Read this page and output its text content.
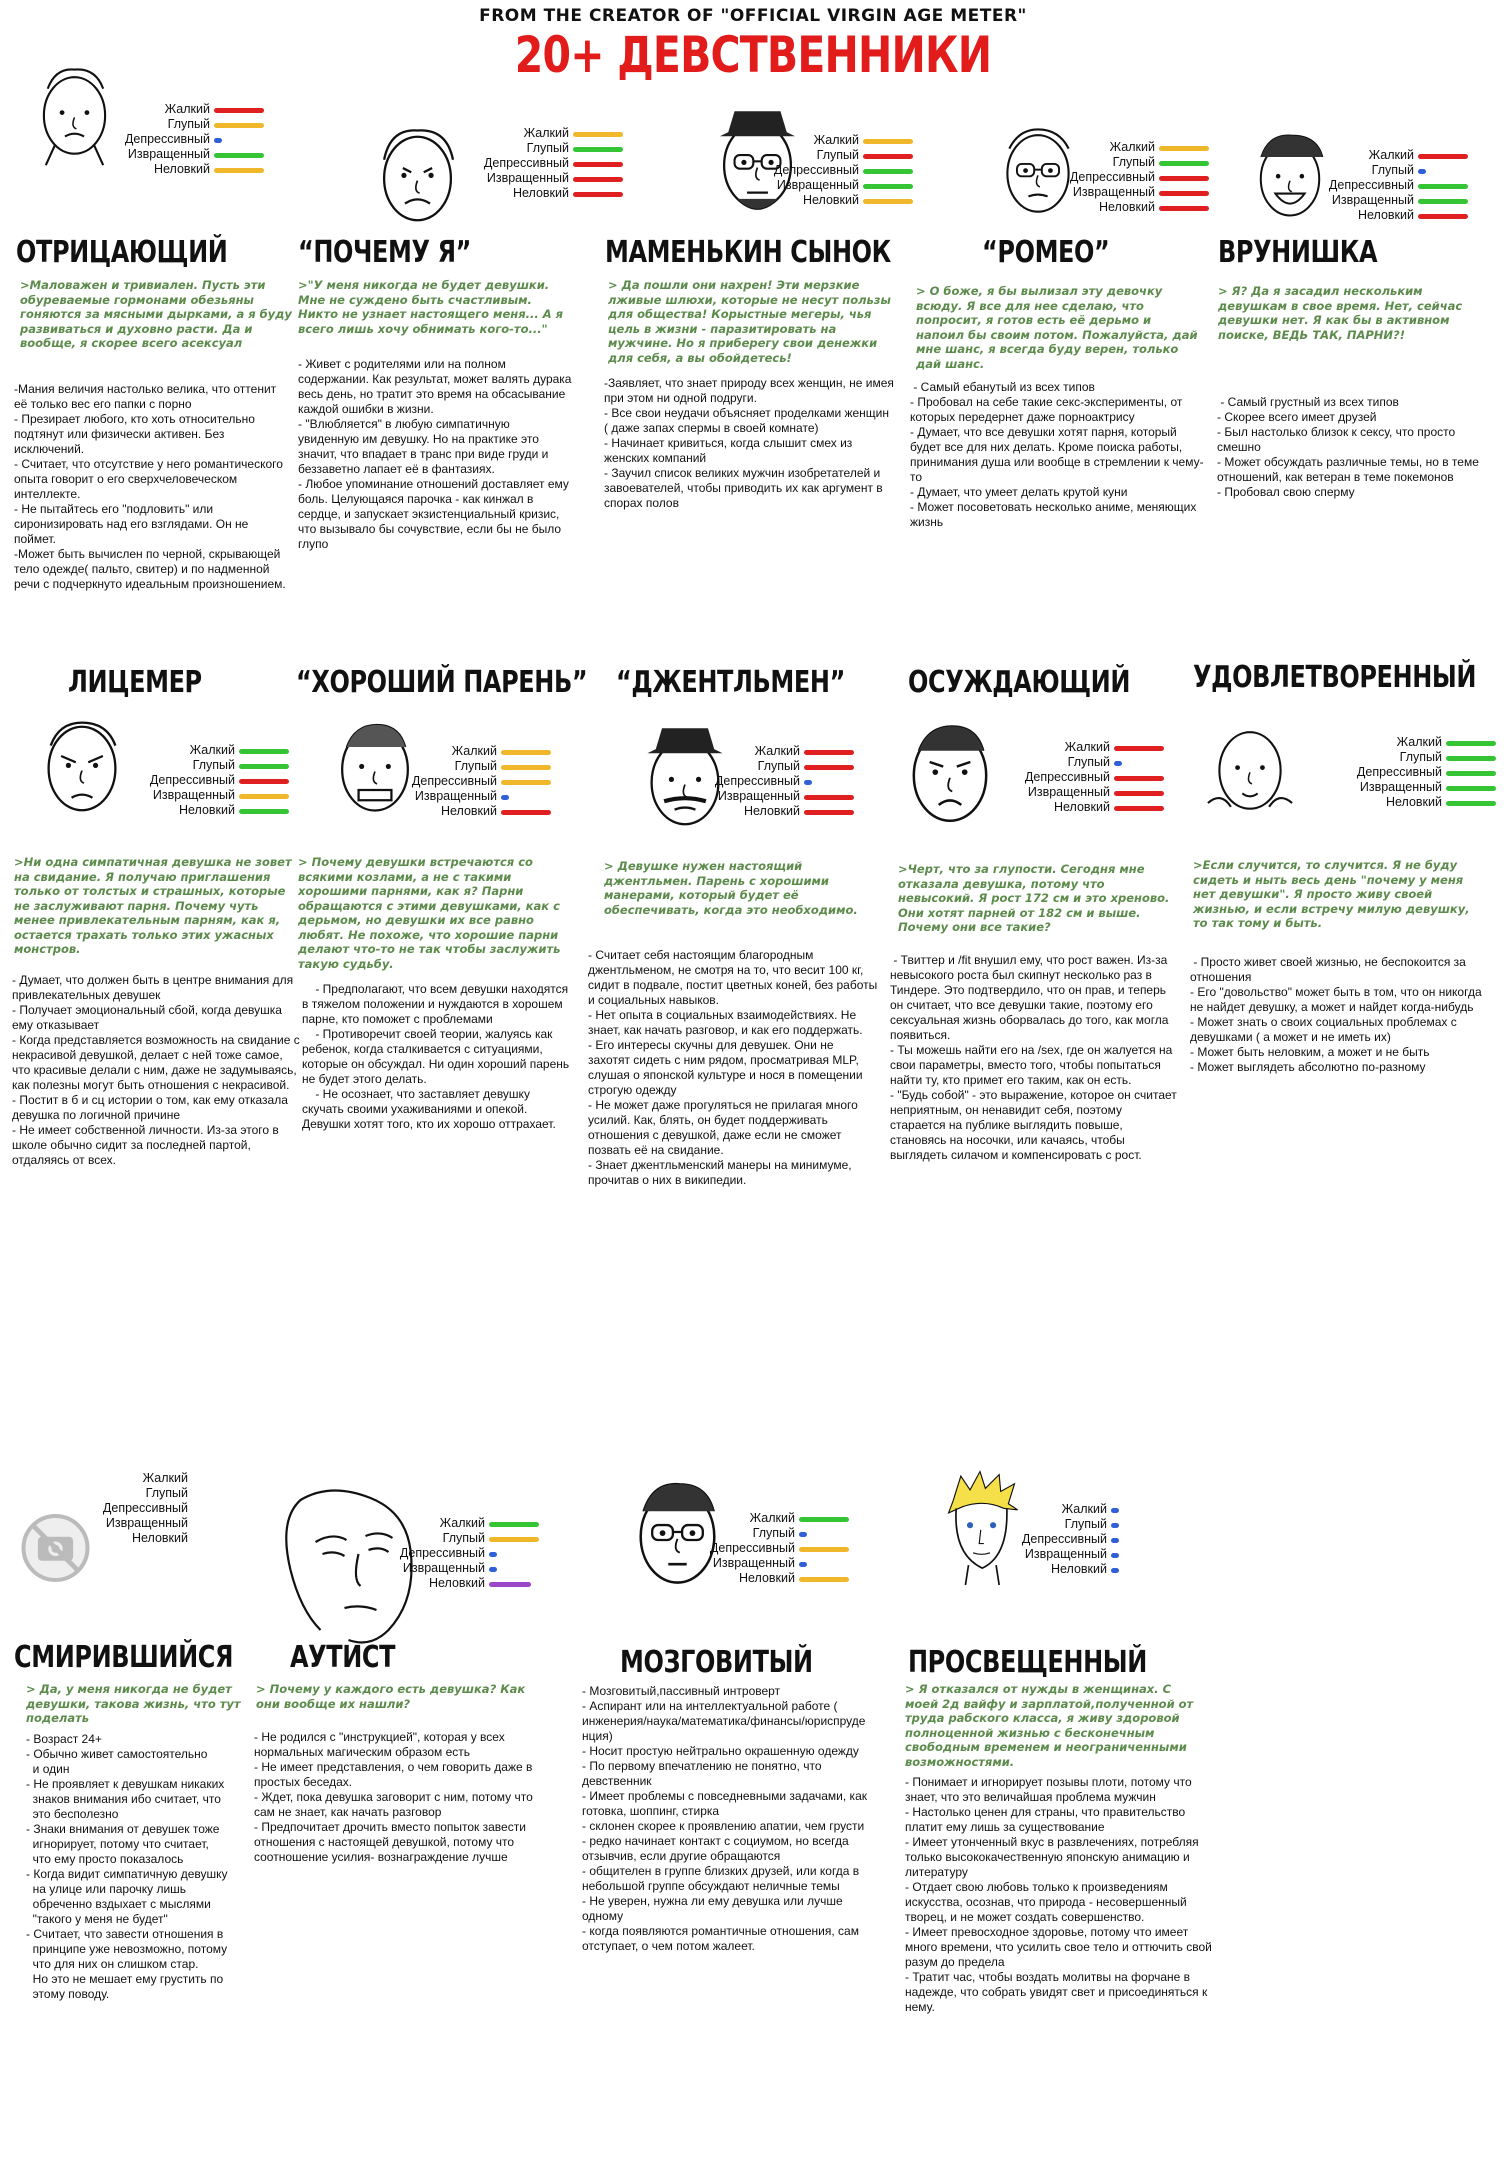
FROM THE CREATOR OF "OFFICIAL VIRGIN AGE METER"
20+ ДЕВСТВЕННИКИ
Жалкий
Глупый
Депрессивный
Извращенный
Неловкий
ОТРИЦАЮЩИЙ
>Маловажен и тривиален. Пусть эти обуреваемые гормонами обезьяны гоняются за мясными дырками, а я буду развиваться и духовно расти. Да и вообще, я скорее всего асексуал
-Мания величия настолько велика, что оттенит её только вес его папки с порно
- Презирает любого, кто хоть относительно подтянут или физически активен. Без исключений.
- Считает, что отсутствие у него романтического опыта говорит о его сверхчеловеческом интеллекте.
- Не пытайтесь его "подловить" или сиронизировать над его взглядами. Он не поймет.
-Может быть вычислен по черной, скрывающей тело одежде( пальто, свитер) и по надменной речи с подчеркнуто идеальным произношением.
Жалкий
Глупый
Депрессивный
Извращенный
Неловкий
“ПОЧЕМУ Я”
>"У меня никогда не будет девушки. Мне не суждено быть счастливым. Никто не узнает настоящего меня... А я всего лишь хочу обнимать кого-то..."
- Живет с родителями или на полном содержании. Как результат, может валять дурака весь день, но тратит это время на обсасывание каждой ошибки в жизни.
- "Влюбляется" в любую симпатичную увиденную им девушку. Но на практике это значит, что впадает в транс при виде груди и беззаветно лапает её в фантазиях.
- Любое упоминание отношений доставляет ему боль. Целующаяся парочка - как кинжал в сердце, и запускает экзистенциальный кризис, что вызывало бы сочувствие, если бы не было глупо
Жалкий
Глупый
Депрессивный
Извращенный
Неловкий
МАМЕНЬКИН СЫНОК
> Да пошли они нахрен! Эти мерзкие лживые шлюхи, которые не несут пользы для общества! Корыстные мегеры, чья цель в жизни - паразитировать на мужчине. Но я приберегу свои денежки для себя, а вы обойдетесь!
-Заявляет, что знает природу всех женщин, не имея при этом ни одной подруги.
- Все свои неудачи объясняет проделками женщин ( даже запах спермы в своей комнате)
- Начинает кривиться, когда слышит смех из женских компаний
- Заучил список великих мужчин изобретателей и завоевателей, чтобы приводить их как аргумент в спорах полов
Жалкий
Глупый
Депрессивный
Извращенный
Неловкий
“РОМЕО”
> О боже, я бы вылизал эту девочку всюду. Я все для нее сделаю, что попросит, я готов есть её дерьмо и напоил бы своим потом. Пожалуйста, дай мне шанс, я всегда буду верен, только дай шанс.
- Самый ебанутый из всех типов
- Пробовал на себе такие секс-эксперименты, от которых передернет даже порноактрису
- Думает, что все девушки хотят парня, который будет все для них делать. Кроме поиска работы, принимания душа или вообще в стремлении к чему-то
- Думает, что умеет делать крутой куни
- Может посоветовать несколько аниме, меняющих жизнь
Жалкий
Глупый
Депрессивный
Извращенный
Неловкий
ВРУНИШКА
> Я? Да я засадил нескольким девушкам в свое время. Нет, сейчас девушки нет. Я как бы в активном поиске, ВЕДЬ ТАК, ПАРНИ?!
- Самый грустный из всех типов
- Скорее всего имеет друзей
- Был настолько близок к сексу, что просто смешно
- Может обсуждать различные темы, но в теме отношений, как ветеран в теме покемонов
- Пробовал свою сперму
Жалкий
Глупый
Депрессивный
Извращенный
Неловкий
ЛИЦЕМЕР
>Ни одна симпатичная девушка не зовет на свидание. Я получаю приглашения только от толстых и страшных, которые не заслуживают парня. Почему чуть менее привлекательным парням, как я, остается трахать только этих ужасных монстров.
- Думает, что должен быть в центре внимания для привлекательных девушек
- Получает эмоциональный сбой, когда девушка ему отказывает
- Когда представляется возможность на свидание с некрасивой девушкой, делает с ней тоже самое, что красивые делали с ним, даже не задумываясь, как полезны могут быть отношения с некрасивой.
- Постит в б и сц истории о том, как ему отказала девушка по логичной причине
- Не имеет собственной личности. Из-за этого в школе обычно сидит за последней партой, отдаляясь от всех.
Жалкий
Глупый
Депрессивный
Извращенный
Неловкий
“ХОРОШИЙ ПАРЕНЬ”
> Почему девушки встречаются со всякими козлами, а не с такими хорошими парнями, как я? Парни обращаются с этими девушками, как с дерьмом, но девушки их все равно любят. Не похоже, что хорошие парни делают что-то не так чтобы заслужить такую судьбу.
- Предполагают, что всем девушки находятся в тяжелом положении и нуждаются в хорошем парне, кто поможет с проблемами
- Противоречит своей теории, жалуясь как ребенок, когда сталкивается с ситуациями, которые он обсуждал. Ни один хороший парень не будет этого делать.
- Не осознает, что заставляет девушку скучать своими ухаживаниями и опекой. Девушки хотят того, кто их хорошо оттрахает.
Жалкий
Глупый
Депрессивный
Извращенный
Неловкий
“ДЖЕНТЛЬМЕН”
> Девушке нужен настоящий джентльмен. Парень с хорошими манерами, который будет её обеспечивать, когда это необходимо.
- Считает себя настоящим благородным джентльменом, не смотря на то, что весит 100 кг, сидит в подвале, постит цветных коней, без работы и социальных навыков.
- Нет опыта в социальных взаимодействиях. Не знает, как начать разговор, и как его поддержать.
- Его интересы скучны для девушек. Они не захотят сидеть с ним рядом, просматривая MLP, слушая о японской культуре и нося в помещении строгую одежду
- Не может даже прогуляться не прилагая много усилий. Как, блять, он будет поддерживать отношения с девушкой, даже если не сможет позвать её на свидание.
- Знает джентльменский манеры на минимуме, прочитав о них в википедии.
Жалкий
Глупый
Депрессивный
Извращенный
Неловкий
ОСУЖДАЮЩИЙ
>Черт, что за глупости. Сегодня мне отказала девушка, потому что невысокий. Я рост 172 см и это хреново. Они хотят парней от 182 см и выше. Почему они все такие?
- Твиттер и /fit внушил ему, что рост важен. Из-за невысокого роста был скипнут несколько раз в Тиндере. Это подтвердило, что он прав, и теперь он считает, что все девушки такие, поэтому его сексуальная жизнь оборвалась до того, как могла появиться.
- Ты можешь найти его на /sex, где он жалуется на свои параметры, вместо того, чтобы попытаться найти ту, кто примет его таким, как он есть.
- "Будь собой" - это выражение, которое он считает неприятным, он ненавидит себя, поэтому старается на публике выглядить повыше, становясь на носочки, или качаясь, чтобы выглядеть силачом и компенсировать с рост.
Жалкий
Глупый
Депрессивный
Извращенный
Неловкий
УДОВЛЕТВОРЕННЫЙ
>Если случится, то случится. Я не буду сидеть и ныть весь день "почему у меня нет девушки". Я просто живу своей жизнью, и если встречу милую девушку, то так тому и быть.
- Просто живет своей жизнью, не беспокоится за отношения
- Его "довольство" может быть в том, что он никогда не найдет девушку, а может и найдет когда-нибудь
- Может знать о своих социальных проблемах с девушками ( а может и не иметь их)
- Может быть неловким, а может и не быть
- Может выглядеть абсолютно по-разному
Жалкий
Глупый
Депрессивный
Извращенный
Неловкий
СМИРИВШИЙСЯ
> Да, у меня никогда не будет девушки, такова жизнь, что тут поделать
- Возраст 24+
- Обычно живет самостоятельно
и один
- Не проявляет к девушкам никаких
знаков внимания ибо считает, что
это бесполезно
- Знаки внимания от девушек тоже
игнорирует, потому что считает,
что ему просто показалось
- Когда видит симпатичную девушку
на улице или парочку лишь
обреченно вздыхает с мыслями
"такого у меня не будет"
- Считает, что завести отношения в
принципе уже невозможно, потому
что для них он слишком стар.
Но это не мешает ему грустить по
этому поводу.
Жалкий
Глупый
Депрессивный
Извращенный
Неловкий
АУТИСТ
> Почему у каждого есть девушка? Как они вообще их нашли?
- Не родился с "инструкцией", которая у всех нормальных магическим образом есть
- Не имеет представления, о чем говорить даже в простых беседах.
- Ждет, пока девушка заговорит с ним, потому что сам не знает, как начать разговор
- Предпочитает дрочить вместо попыток завести отношения с настоящей девушкой, потому что соотношение усилия- вознаграждение лучше
Жалкий
Глупый
Депрессивный
Извращенный
Неловкий
МОЗГОВИТЫЙ
- Мозговитый,пассивный интроверт
- Аспирант или на интеллектуальной работе ( инженерия/наука/математика/финансы/юриспруде нция)
- Носит простую нейтрально окрашенную одежду
- По первому впечатлению не понятно, что девственник
- Имеет проблемы с повседневными задачами, как готовка, шоппинг, стирка
- склонен скорее к проявлению апатии, чем грусти
- редко начинает контакт с социумом, но всегда отзывчив, если другие обращаются
- общителен в группе близких друзей, или когда в небольшой группе обсуждают неличные темы
- Не уверен, нужна ли ему девушка или лучше одному
- когда появляются романтичные отношения, сам отступает, о чем потом жалеет.
Жалкий
Глупый
Депрессивный
Извращенный
Неловкий
ПРОСВЕЩЕННЫЙ
> Я отказался от нужды в женщинах. С моей 2д вайфу и зарплатой,полученной от труда рабского класса, я живу здоровой полноценной жизнью с бесконечным свободным временем и неограниченными возможностями.
- Понимает и игнорирует позывы плоти, потому что знает, что это величайшая проблема мужчин
- Настолько ценен для страны, что правительство платит ему лишь за существование
- Имеет утонченный вкус в развлечениях, потребляя только высококачественную японскую анимацию и литературу
- Отдает свою любовь только к произведениям искусства, осознав, что природа - несовершенный творец, и не может создать совершенство.
- Имеет превосходное здоровье, потому что имеет много времени, что усилить свое тело и оттючить свой разум до предела
- Тратит час, чтобы воздать молитвы на форчане в надежде, что собрать увидят свет и присоединяться к нему.
